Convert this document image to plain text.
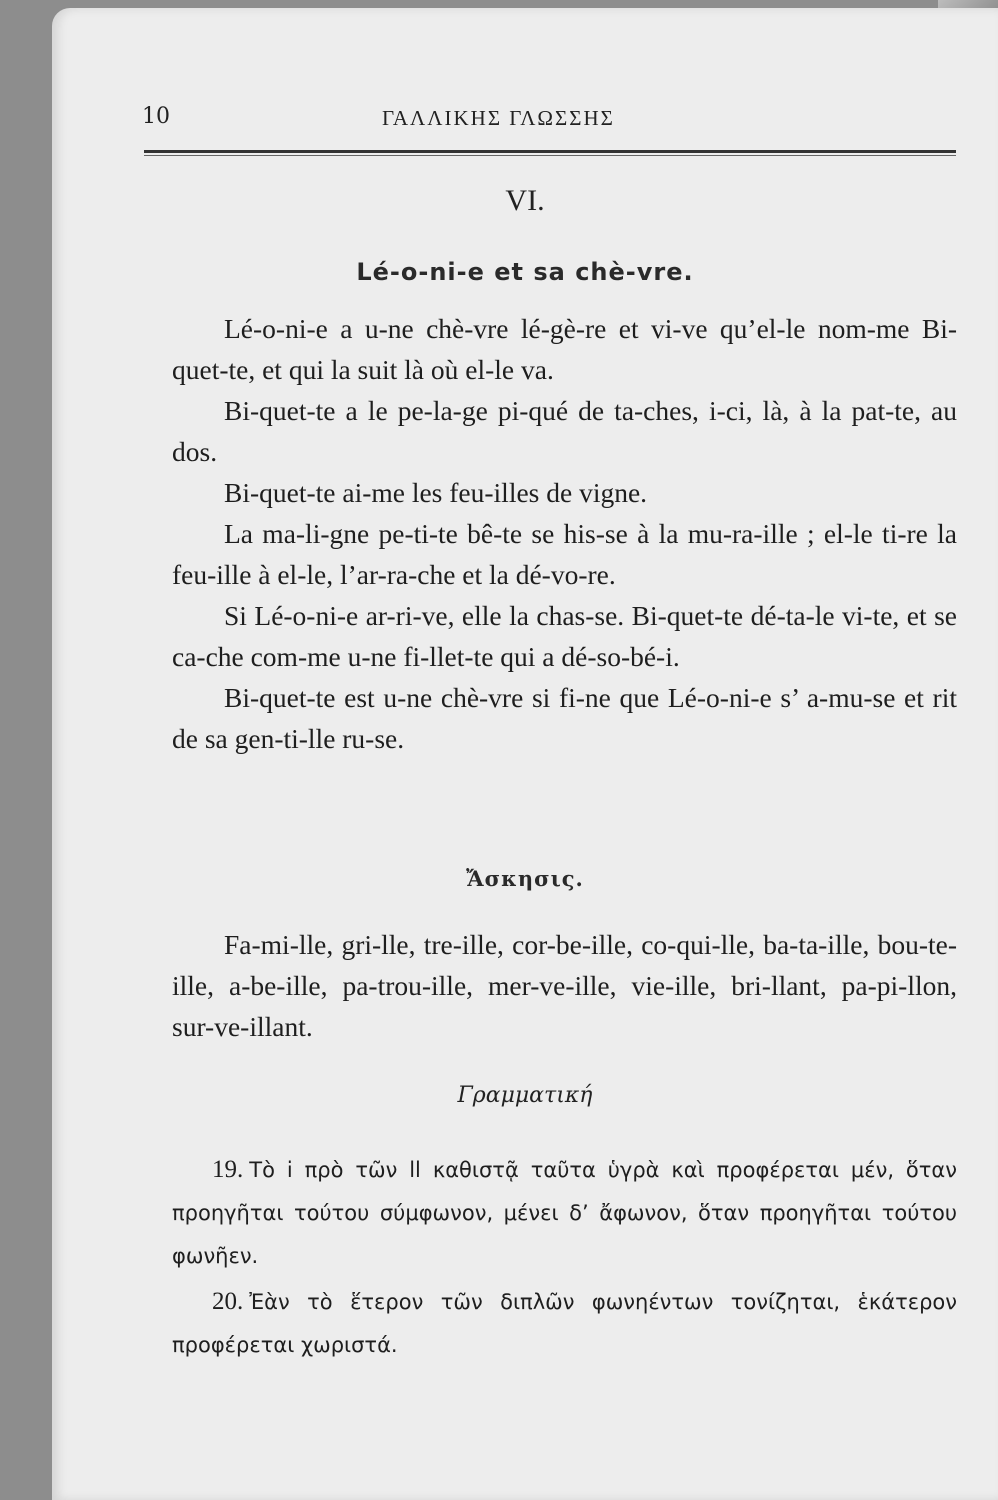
10	ΓΑΛΛΙΚΗΣ ΓΛΩΣΣΗΣ
VI.
Lé-o-ni-e et sa chè-vre.

Lé-o-ni-e a u-ne chè-vre lé-gè-re et vi-ve qu’el-le nom-me Bi-quet-te, et qui la suit là où el-le va.

Bi-quet-te a le pe-la-ge pi-qué de ta-ches, i-ci, là, à la pat-te, au dos.

Bi-quet-te ai-me les feu-illes de vigne.

La ma-li-gne pe-ti-te bê-te se his-se à la mu-ra-ille ; el-le ti-re la feu-ille à el-le, l’ar-ra-che et la dé-vo-re.

Si Lé-o-ni-e ar-ri-ve, elle la chas-se. Bi-quet-te dé-ta-le vi-te, et se ca-che com-me u-ne fi-llet-te qui a dé-so-bé-i.

Bi-quet-te est u-ne chè-vre si fi-ne que Lé-o-ni-e s’ a-mu-se et rit de sa gen-ti-lle ru-se.

Ἄσκησις.

Fa-mi-lle, gri-lle, tre-ille, cor-be-ille, co-qui-lle, ba-ta-ille, bou-te-ille, a-be-ille, pa-trou-ille, mer-ve-ille, vie-ille, bri-llant, pa-pi-llon, sur-ve-illant.

Γραμματική

19. Τὸ i πρὸ τῶν ll καθιστᾷ ταῦτα ὑγρὰ καὶ προφέρεται μέν, ὅταν προηγῆται τούτου σύμφωνον, μένει δ’ ἄφωνον, ὅταν προηγῆται τούτου φωνῆεν.

20. Ἐὰν τὸ ἕτερον τῶν διπλῶν φωνηέντων τονίζηται, ἑκάτερον προφέρεται χωριστά.
